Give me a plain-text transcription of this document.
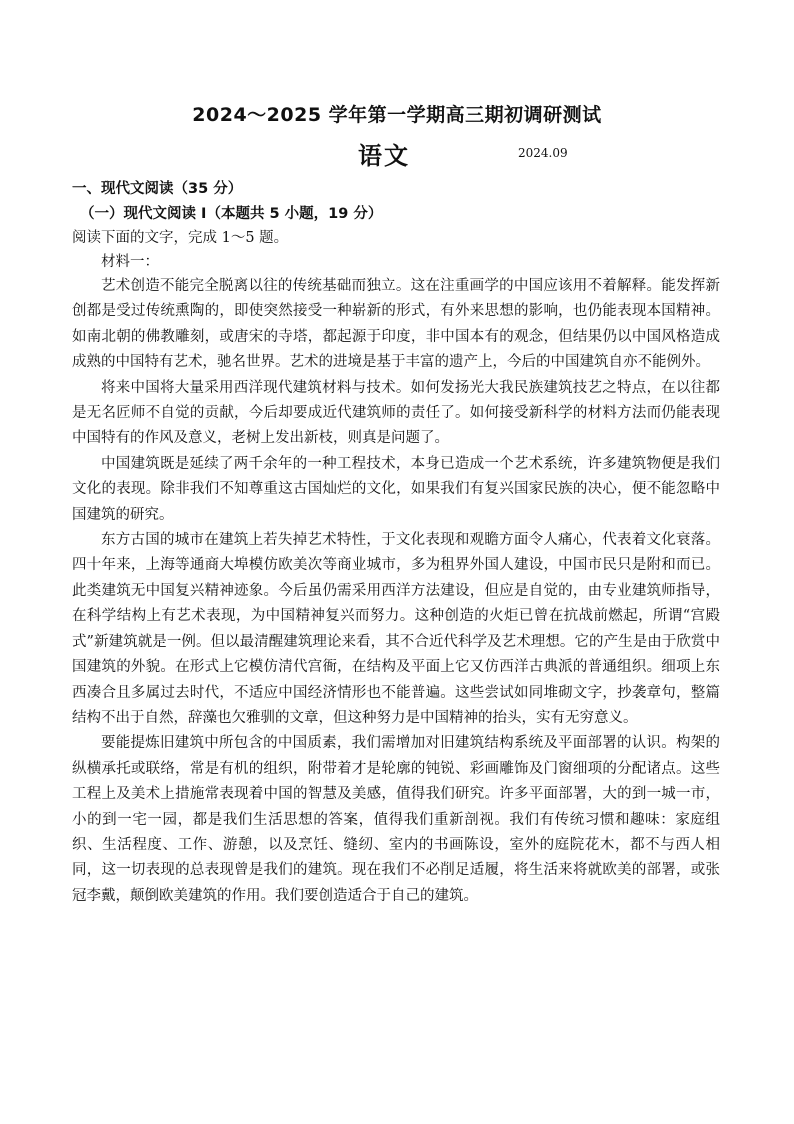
2024～2025 学年第一学期高三期初调研测试
语文	2024.09

一、现代文阅读（35 分）

（一）现代文阅读 I（本题共 5 小题，19 分）

阅读下面的文字，完成 1～5 题。

材料一：

艺术创造不能完全脱离以往的传统基础而独立。这在注重画学的中国应该用不着解释。能发挥新创都是受过传统熏陶的，即使突然接受一种崭新的形式，有外来思想的影响，也仍能表现本国精神。如南北朝的佛教雕刻，或唐宋的寺塔，都起源于印度，非中国本有的观念，但结果仍以中国风格造成成熟的中国特有艺术，驰名世界。艺术的进境是基于丰富的遗产上，今后的中国建筑自亦不能例外。

将来中国将大量采用西洋现代建筑材料与技术。如何发扬光大我民族建筑技艺之特点，在以往都是无名匠师不自觉的贡献，今后却要成近代建筑师的责任了。如何接受新科学的材料方法而仍能表现中国特有的作风及意义，老树上发出新枝，则真是问题了。

中国建筑既是延续了两千余年的一种工程技术，本身已造成一个艺术系统，许多建筑物便是我们文化的表现。除非我们不知尊重这古国灿烂的文化，如果我们有复兴国家民族的决心，便不能忽略中国建筑的研究。

东方古国的城市在建筑上若失掉艺术特性，于文化表现和观瞻方面令人痛心，代表着文化衰落。四十年来，上海等通商大埠模仿欧美次等商业城市，多为租界外国人建设，中国市民只是附和而已。此类建筑无中国复兴精神迹象。今后虽仍需采用西洋方法建设，但应是自觉的，由专业建筑师指导，在科学结构上有艺术表现，为中国精神复兴而努力。这种创造的火炬已曾在抗战前燃起，所谓“宫殿式”新建筑就是一例。但以最清醒建筑理论来看，其不合近代科学及艺术理想。它的产生是由于欣赏中国建筑的外貌。在形式上它模仿清代宫衙，在结构及平面上它又仿西洋古典派的普通组织。细项上东西凑合且多属过去时代，不适应中国经济情形也不能普遍。这些尝试如同堆砌文字，抄袭章句，整篇结构不出于自然，辞藻也欠雅驯的文章，但这种努力是中国精神的抬头，实有无穷意义。

要能提炼旧建筑中所包含的中国质素，我们需增加对旧建筑结构系统及平面部署的认识。构架的纵横承托或联络，常是有机的组织，附带着才是轮廓的钝锐、彩画雕饰及门窗细项的分配诸点。这些工程上及美术上措施常表现着中国的智慧及美感，值得我们研究。许多平面部署，大的到一城一市，小的到一宅一园，都是我们生活思想的答案，值得我们重新剖视。我们有传统习惯和趣味：家庭组织、生活程度、工作、游憩，以及烹饪、缝纫、室内的书画陈设，室外的庭院花木，都不与西人相同，这一切表现的总表现曾是我们的建筑。现在我们不必削足适履，将生活来将就欧美的部署，或张冠李戴，颠倒欧美建筑的作用。我们要创造适合于自己的建筑。
